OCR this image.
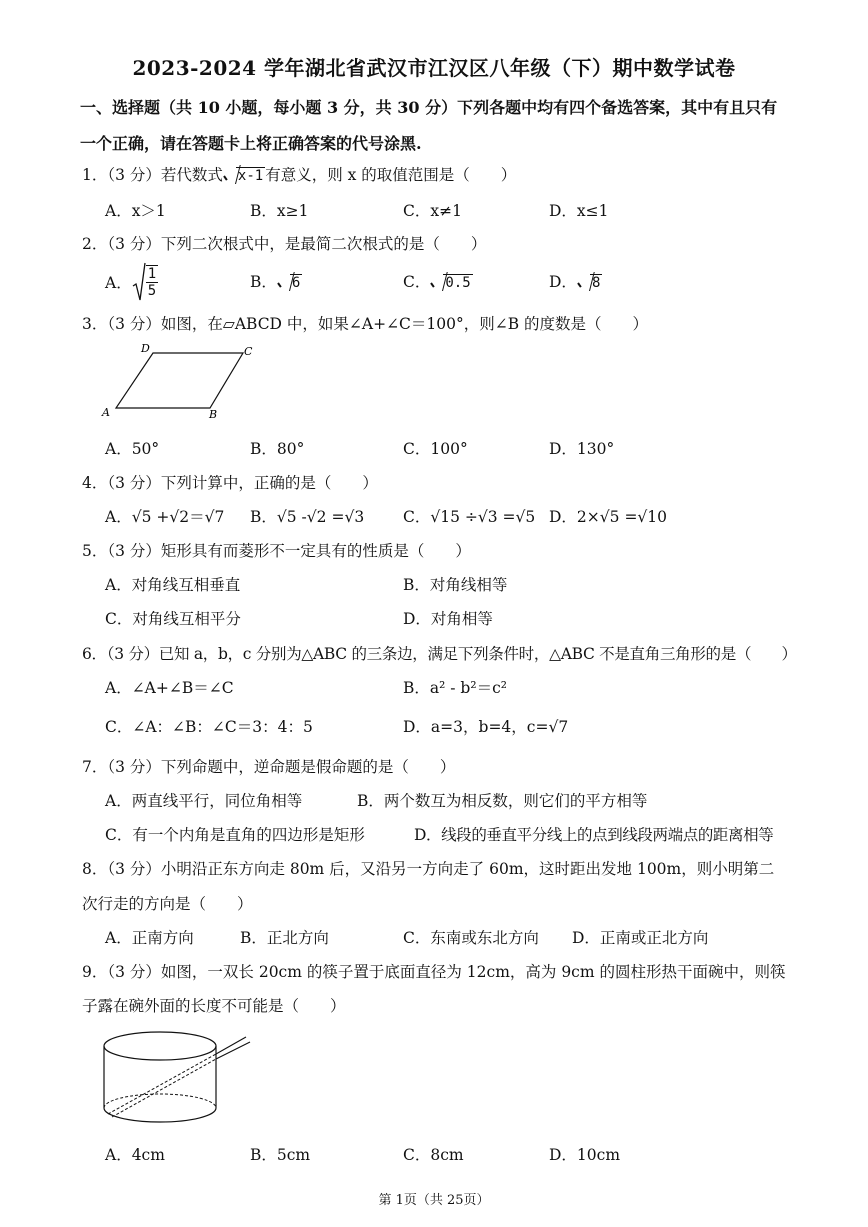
2023-2024 学年湖北省武汉市江汉区八年级（下）期中数学试卷
一、选择题（共 10 小题，每小题 3 分，共 30 分）下列各题中均有四个备选答案，其中有且只有
一个正确，请在答题卡上将正确答案的代号涂黑.
1．（3 分）若代数式 x-1 有意义，则 x 的取值范围是（　　）
A．x＞1	B．x≥1	C．x≠1	D．x≤1
2．（3 分）下列二次根式中，是最简二次根式的是（　　）
A． $\frac{1}{5}$	B． 6	C． 0.5	D． 8
3．（3 分）如图，在▱ABCD 中，如果∠A+∠C＝100°，则∠B 的度数是（　　）
A	B
C
D
A．50°	B．80°	C．100°	D．130°
4．（3 分）下列计算中，正确的是（　　）
A．√5 +√2＝√7 B．√5 -√2 =√3	C．√15 ÷√3 =√5 D．2×√5 =√10
5．（3 分）矩形具有而菱形不一定具有的性质是（　　）
A．对角线互相垂直	B．对角线相等
C．对角线互相平分	D．对角相等
6．（3 分）已知 a，b，c 分别为△ABC 的三条边，满足下列条件时，△ABC 不是直角三角形的是（　　）
A．∠A+∠B＝∠C	B．a² - b²＝c²
C．∠A：∠B：∠C＝3：4：5	D．a=3，b=4，c=√7
7．（3 分）下列命题中，逆命题是假命题的是（　　）
A．两直线平行，同位角相等	B．两个数互为相反数，则它们的平方相等
C．有一个内角是直角的四边形是矩形	D．线段的垂直平分线上的点到线段两端点的距离相等
8．（3 分）小明沿正东方向走 80m 后，又沿另一方向走了 60m，这时距出发地 100m，则小明第二
次行走的方向是（　　）
A．正南方向	B．正北方向	C．东南或东北方向 D．正南或正北方向
9．（3 分）如图，一双长 20cm 的筷子置于底面直径为 12cm，高为 9cm 的圆柱形热干面碗中，则筷
子露在碗外面的长度不可能是（　　）
A．4cm	B．5cm	C．8cm	D．10cm
第 1页（共 25页）
